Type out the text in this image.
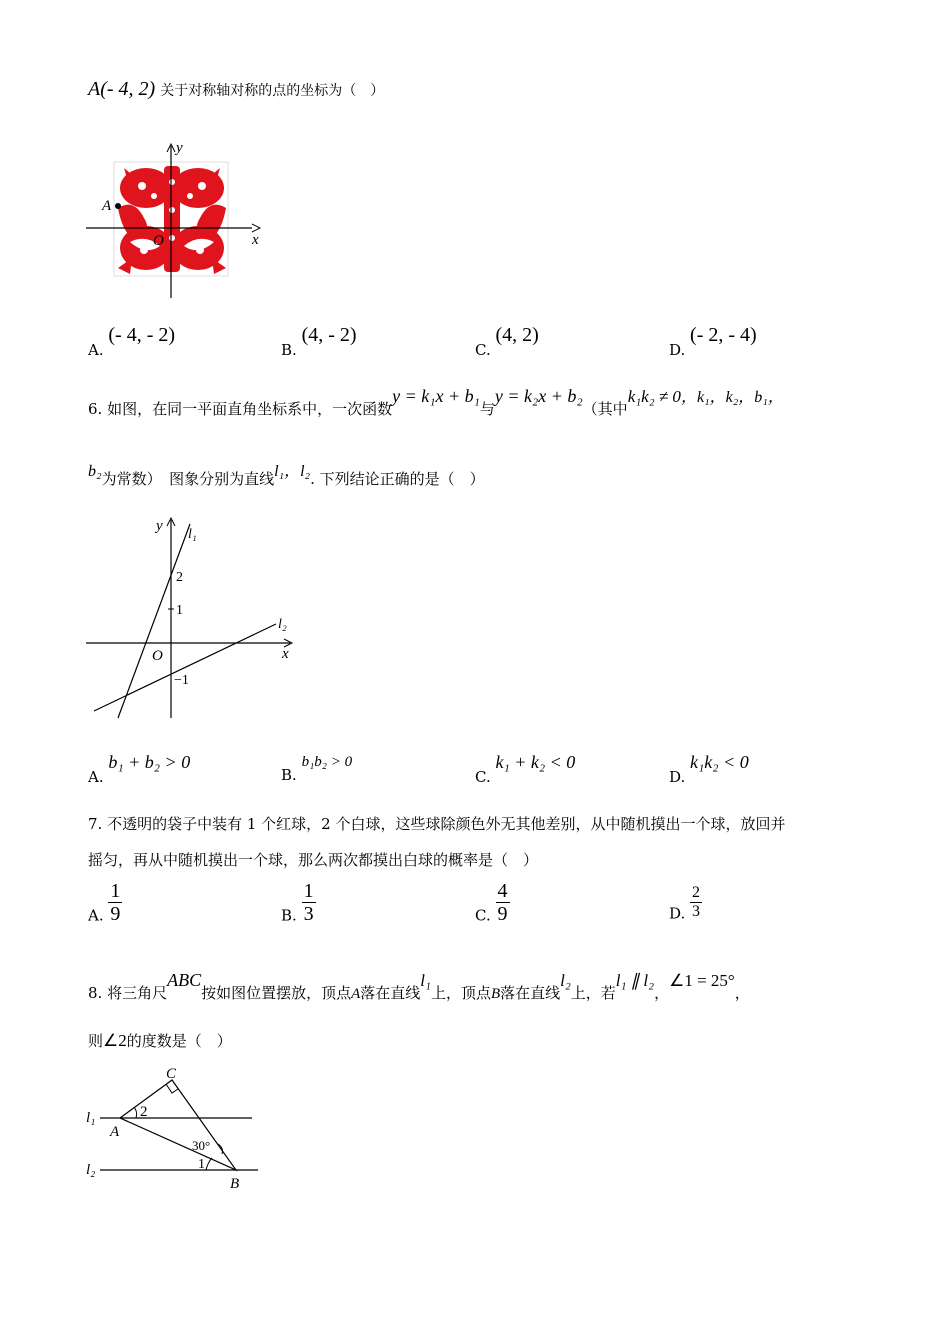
A(- 4, 2) 关于对称轴对称的点的坐标为（　）
y
x
O
A
A. (- 4, - 2)
B. (4, - 2)
C. (4, 2)
D. (- 2, - 4)
6. 如图，在同一平面直角坐标系中，一次函数y = k₁x + b₁与y = k₂x + b₂（其中k₁k₂ ≠ 0，k₁，k₂，b₁，
b₂为常数）　图象分别为直线l₁，l₂. 下列结论正确的是（　）
y
x
O
l₁
l₂
2
1
−1
A. b₁ + b₂ > 0
B. b₁b₂ > 0
C. k₁ + k₂ < 0
D. k₁k₂ < 0
7. 不透明的袋子中装有 1 个红球，2 个白球，这些球除颜色外无其他差别，从中随机摸出一个球，放回并
摇匀，再从中随机摸出一个球，那么两次都摸出白球的概率是（　）
A. $\frac{1}{9}$	B. $\frac{1}{3}$	C. $\frac{4}{9}$	D. $\frac{2}{3}$
8. 将三角尺ABC按如图位置摆放，顶点A落在直线l₁上，顶点B落在直线l₂上，若l₁ ∥ l₂，∠1 = 25°，
则∠2的度数是（　）
C
A
B
l₁
l₂
2
1
30°
